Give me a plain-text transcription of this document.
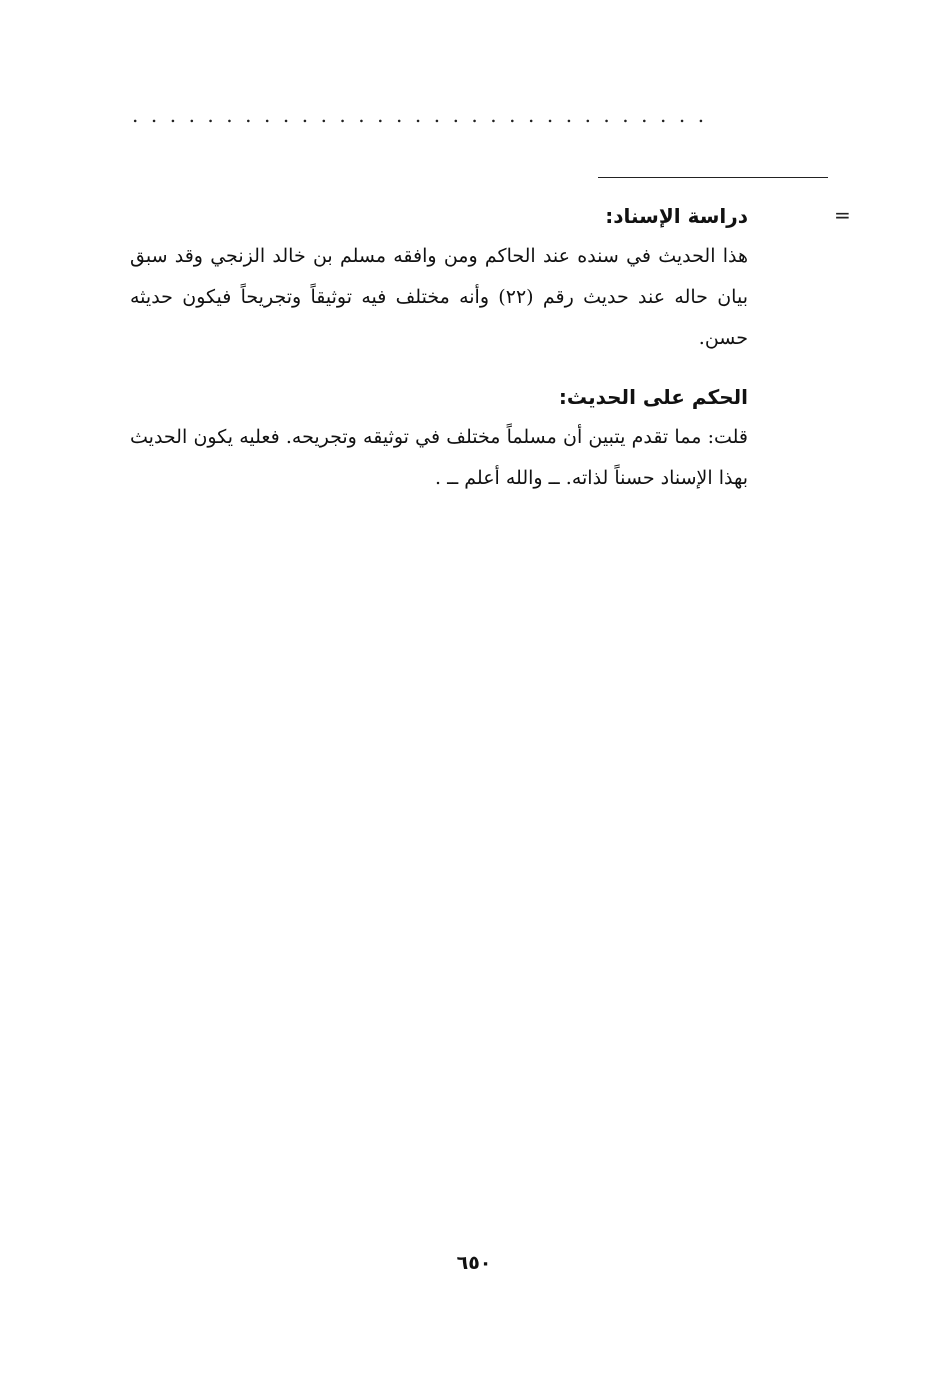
...............................
=
دراسة الإسناد:

هذا الحديث في سنده عند الحاكم ومن وافقه مسلم بن خالد الزنجي وقد سبق بيان حاله عند حديث رقم (٢٢) وأنه مختلف فيه توثيقاً وتجريحاً فيكون حديثه حسن.

الحكم على الحديث:

قلت: مما تقدم يتبين أن مسلماً مختلف في توثيقه وتجريحه. فعليه يكون الحديث بهذا الإسناد حسناً لذاته. ــ والله أعلم ــ .

٦٥٠
